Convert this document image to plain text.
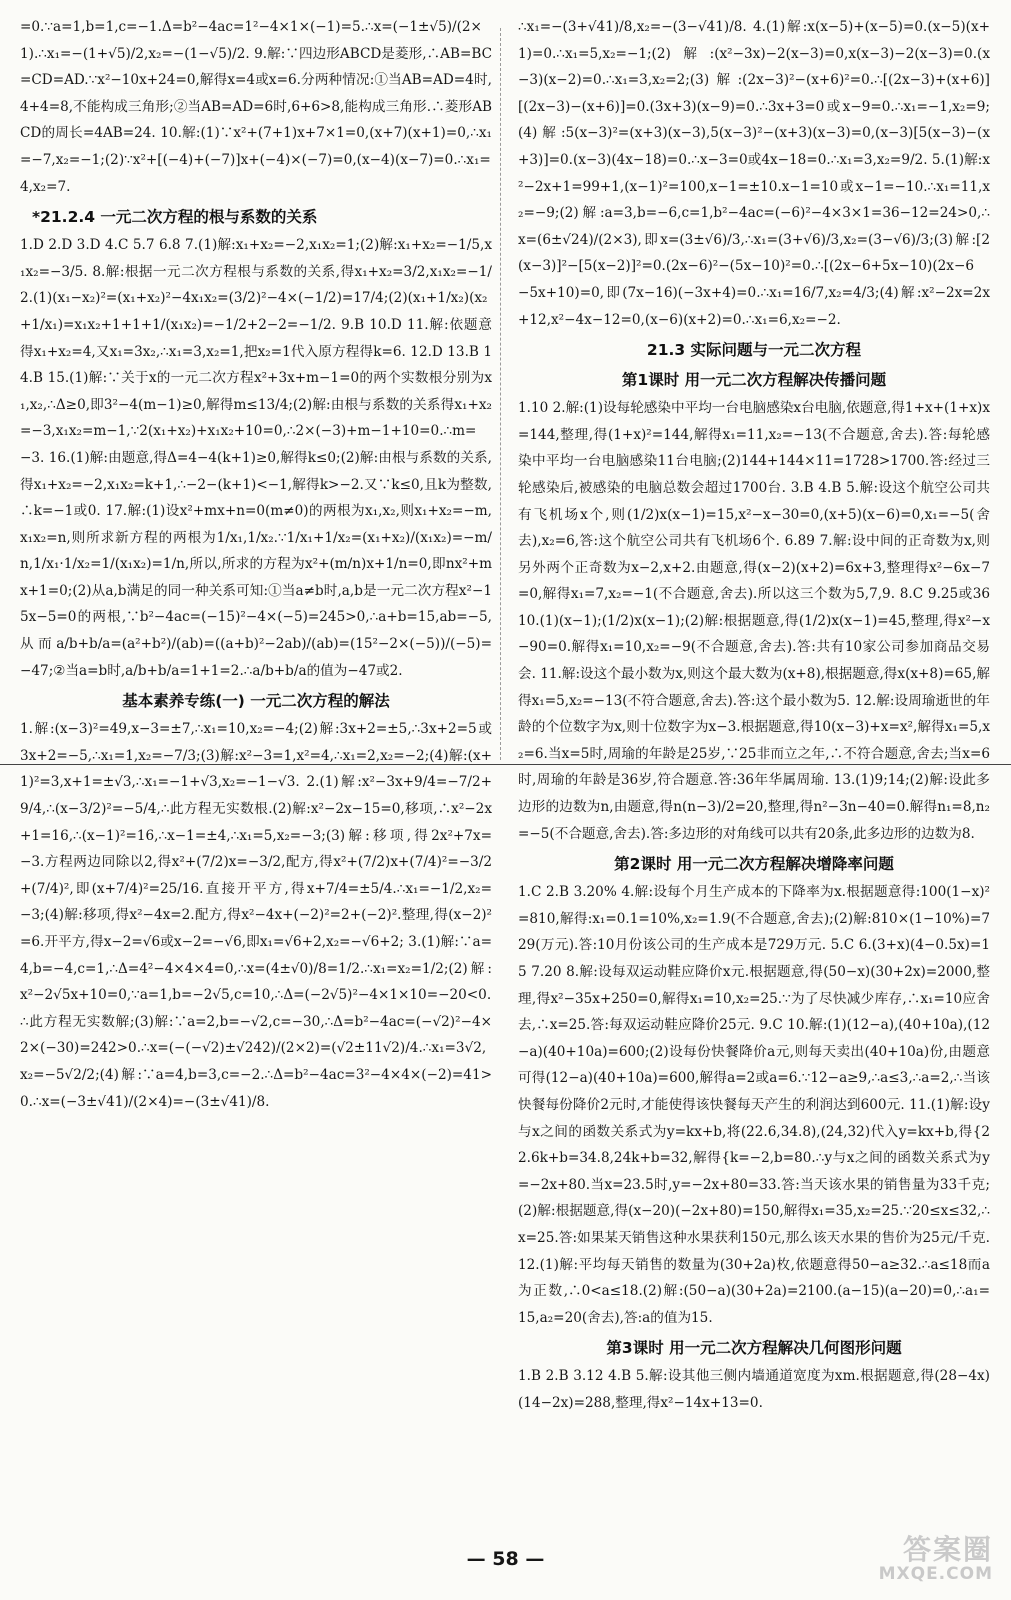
=0.∵a=1,b=1,c=−1.Δ=b²−4ac=1²−4×1×(−1)=5.∴x=(−1±√5)/(2×1).∴x₁=−(1+√5)/2,x₂=−(1−√5)/2. 9.解:∵四边形ABCD是菱形,∴AB=BC=CD=AD.∵x²−10x+24=0,解得x=4或x=6.分两种情况:①当AB=AD=4时,4+4=8,不能构成三角形;②当AB=AD=6时,6+6>8,能构成三角形.∴菱形ABCD的周长=4AB=24. 10.解:(1)∵x²+(7+1)x+7×1=0,(x+7)(x+1)=0,∴x₁=−7,x₂=−1;(2)∵x²+[(−4)+(−7)]x+(−4)×(−7)=0,(x−4)(x−7)=0.∴x₁=4,x₂=7.

*21.2.4 一元二次方程的根与系数的关系

1.D 2.D 3.D 4.C 5.7 6.8 7.(1)解:x₁+x₂=−2,x₁x₂=1;(2)解:x₁+x₂=−1/5,x₁x₂=−3/5. 8.解:根据一元二次方程根与系数的关系,得x₁+x₂=3/2,x₁x₂=−1/2.(1)(x₁−x₂)²=(x₁+x₂)²−4x₁x₂=(3/2)²−4×(−1/2)=17/4;(2)(x₁+1/x₂)(x₂+1/x₁)=x₁x₂+1+1+1/(x₁x₂)=−1/2+2−2=−1/2. 9.B 10.D 11.解:依题意得x₁+x₂=4,又x₁=3x₂,∴x₁=3,x₂=1,把x₂=1代入原方程得k=6. 12.D 13.B 14.B 15.(1)解:∵关于x的一元二次方程x²+3x+m−1=0的两个实数根分别为x₁,x₂,∴Δ≥0,即3²−4(m−1)≥0,解得m≤13/4;(2)解:由根与系数的关系得x₁+x₂=−3,x₁x₂=m−1,∵2(x₁+x₂)+x₁x₂+10=0,∴2×(−3)+m−1+10=0.∴m=−3. 16.(1)解:由题意,得Δ=4−4(k+1)≥0,解得k≤0;(2)解:由根与系数的关系,得x₁+x₂=−2,x₁x₂=k+1,∴−2−(k+1)<−1,解得k>−2.又∵k≤0,且k为整数,∴k=−1或0. 17.解:(1)设x²+mx+n=0(m≠0)的两根为x₁,x₂,则x₁+x₂=−m,x₁x₂=n,则所求新方程的两根为1/x₁,1/x₂.∵1/x₁+1/x₂=(x₁+x₂)/(x₁x₂)=−m/n,1/x₁·1/x₂=1/(x₁x₂)=1/n,所以,所求的方程为x²+(m/n)x+1/n=0,即nx²+mx+1=0;(2)从a,b满足的同一种关系可知:①当a≠b时,a,b是一元二次方程x²−15x−5=0的两根,∵b²−4ac=(−15)²−4×(−5)=245>0,∴a+b=15,ab=−5,从而a/b+b/a=(a²+b²)/(ab)=((a+b)²−2ab)/(ab)=(15²−2×(−5))/(−5)=−47;②当a=b时,a/b+b/a=1+1=2.∴a/b+b/a的值为−47或2.

基本素养专练(一) 一元二次方程的解法

1.解:(x−3)²=49,x−3=±7,∴x₁=10,x₂=−4;(2)解:3x+2=±5,∴3x+2=5或3x+2=−5,∴x₁=1,x₂=−7/3;(3)解:x²−3=1,x²=4,∴x₁=2,x₂=−2;(4)解:(x+1)²=3,x+1=±√3,∴x₁=−1+√3,x₂=−1−√3. 2.(1)解:x²−3x+9/4=−7/2+9/4,∴(x−3/2)²=−5/4,∴此方程无实数根.(2)解:x²−2x−15=0,移项,∴x²−2x+1=16,∴(x−1)²=16,∴x−1=±4,∴x₁=5,x₂=−3;(3)解:移项,得2x²+7x=−3.方程两边同除以2,得x²+(7/2)x=−3/2,配方,得x²+(7/2)x+(7/4)²=−3/2+(7/4)²,即(x+7/4)²=25/16.直接开平方,得x+7/4=±5/4.∴x₁=−1/2,x₂=−3;(4)解:移项,得x²−4x=2.配方,得x²−4x+(−2)²=2+(−2)².整理,得(x−2)²=6.开平方,得x−2=√6或x−2=−√6,即x₁=√6+2,x₂=−√6+2; 3.(1)解:∵a=4,b=−4,c=1,∴Δ=4²−4×4×4=0,∴x=(4±√0)/8=1/2.∴x₁=x₂=1/2;(2)解:x²−2√5x+10=0,∵a=1,b=−2√5,c=10,∴Δ=(−2√5)²−4×1×10=−20<0.∴此方程无实数解;(3)解:∵a=2,b=−√2,c=−30,∴Δ=b²−4ac=(−√2)²−4×2×(−30)=242>0.∴x=(−(−√2)±√242)/(2×2)=(√2±11√2)/4.∴x₁=3√2,x₂=−5√2/2;(4)解:∵a=4,b=3,c=−2.∴Δ=b²−4ac=3²−4×4×(−2)=41>0.∴x=(−3±√41)/(2×4)=−(3±√41)/8.

∴x₁=−(3+√41)/8,x₂=−(3−√41)/8. 4.(1)解:x(x−5)+(x−5)=0.(x−5)(x+1)=0.∴x₁=5,x₂=−1;(2)解:(x²−3x)−2(x−3)=0,x(x−3)−2(x−3)=0.(x−3)(x−2)=0.∴x₁=3,x₂=2;(3)解:(2x−3)²−(x+6)²=0.∴[(2x−3)+(x+6)][(2x−3)−(x+6)]=0.(3x+3)(x−9)=0.∴3x+3=0或x−9=0.∴x₁=−1,x₂=9;(4)解:5(x−3)²=(x+3)(x−3),5(x−3)²−(x+3)(x−3)=0,(x−3)[5(x−3)−(x+3)]=0.(x−3)(4x−18)=0.∴x−3=0或4x−18=0.∴x₁=3,x₂=9/2. 5.(1)解:x²−2x+1=99+1,(x−1)²=100,x−1=±10.x−1=10或x−1=−10.∴x₁=11,x₂=−9;(2)解:a=3,b=−6,c=1,b²−4ac=(−6)²−4×3×1=36−12=24>0,∴x=(6±√24)/(2×3),即x=(3±√6)/3,∴x₁=(3+√6)/3,x₂=(3−√6)/3;(3)解:[2(x−3)]²−[5(x−2)]²=0.(2x−6)²−(5x−10)²=0.∴[(2x−6+5x−10)(2x−6−5x+10)=0,即(7x−16)(−3x+4)=0.∴x₁=16/7,x₂=4/3;(4)解:x²−2x=2x+12,x²−4x−12=0,(x−6)(x+2)=0.∴x₁=6,x₂=−2.

21.3 实际问题与一元二次方程
第1课时 用一元二次方程解决传播问题

1.10 2.解:(1)设每轮感染中平均一台电脑感染x台电脑,依题意,得1+x+(1+x)x=144,整理,得(1+x)²=144,解得x₁=11,x₂=−13(不合题意,舍去).答:每轮感染中平均一台电脑感染11台电脑;(2)144+144×11=1728>1700.答:经过三轮感染后,被感染的电脑总数会超过1700台. 3.B 4.B 5.解:设这个航空公司共有飞机场x个,则(1/2)x(x−1)=15,x²−x−30=0,(x+5)(x−6)=0,x₁=−5(舍去),x₂=6,答:这个航空公司共有飞机场6个. 6.89 7.解:设中间的正奇数为x,则另外两个正奇数为x−2,x+2.由题意,得(x−2)(x+2)=6x+3,整理得x²−6x−7=0,解得x₁=7,x₂=−1(不合题意,舍去).所以这三个数为5,7,9. 8.C 9.25或36 10.(1)(x−1);(1/2)x(x−1);(2)解:根据题意,得(1/2)x(x−1)=45,整理,得x²−x−90=0.解得x₁=10,x₂=−9(不合题意,舍去).答:共有10家公司参加商品交易会. 11.解:设这个最小数为x,则这个最大数为(x+8),根据题意,得x(x+8)=65,解得x₁=5,x₂=−13(不符合题意,舍去).答:这个最小数为5. 12.解:设周瑜逝世的年龄的个位数字为x,则十位数字为x−3.根据题意,得10(x−3)+x=x²,解得x₁=5,x₂=6.当x=5时,周瑜的年龄是25岁,∵25非而立之年,∴不符合题意,舍去;当x=6时,周瑜的年龄是36岁,符合题意.答:36年华属周瑜. 13.(1)9;14;(2)解:设此多边形的边数为n,由题意,得n(n−3)/2=20,整理,得n²−3n−40=0.解得n₁=8,n₂=−5(不合题意,舍去).答:多边形的对角线可以共有20条,此多边形的边数为8.

第2课时 用一元二次方程解决增降率问题

1.C 2.B 3.20% 4.解:设每个月生产成本的下降率为x.根据题意得:100(1−x)²=810,解得:x₁=0.1=10%,x₂=1.9(不合题意,舍去);(2)解:810×(1−10%)=729(万元).答:10月份该公司的生产成本是729万元. 5.C 6.(3+x)(4−0.5x)=15 7.20 8.解:设每双运动鞋应降价x元.根据题意,得(50−x)(30+2x)=2000,整理,得x²−35x+250=0,解得x₁=10,x₂=25.∵为了尽快减少库存,∴x₁=10应舍去,∴x=25.答:每双运动鞋应降价25元. 9.C 10.解:(1)(12−a),(40+10a),(12−a)(40+10a)=600;(2)设每份快餐降价a元,则每天卖出(40+10a)份,由题意可得(12−a)(40+10a)=600,解得a=2或a=6.∵12−a≥9,∴a≤3,∴a=2,∴当该快餐每份降价2元时,才能使得该快餐每天产生的利润达到600元. 11.(1)解:设y与x之间的函数关系式为y=kx+b,将(22.6,34.8),(24,32)代入y=kx+b,得{22.6k+b=34.8,24k+b=32,解得{k=−2,b=80.∴y与x之间的函数关系式为y=−2x+80.当x=23.5时,y=−2x+80=33.答:当天该水果的销售量为33千克;(2)解:根据题意,得(x−20)(−2x+80)=150,解得x₁=35,x₂=25.∵20≤x≤32,∴x=25.答:如果某天销售这种水果获利150元,那么该天水果的售价为25元/千克. 12.(1)解:平均每天销售的数量为(30+2a)枚,依题意得50−a≥32.∴a≤18而a为正数,∴0<a≤18.(2)解:(50−a)(30+2a)=2100.(a−15)(a−20)=0,∴a₁=15,a₂=20(舍去),答:a的值为15.

第3课时 用一元二次方程解决几何图形问题

1.B 2.B 3.12 4.B 5.解:设其他三侧内墙通道宽度为xm.根据题意,得(28−4x)(14−2x)=288,整理,得x²−14x+13=0.

— 58 —	答案圈
MXQE.COM
